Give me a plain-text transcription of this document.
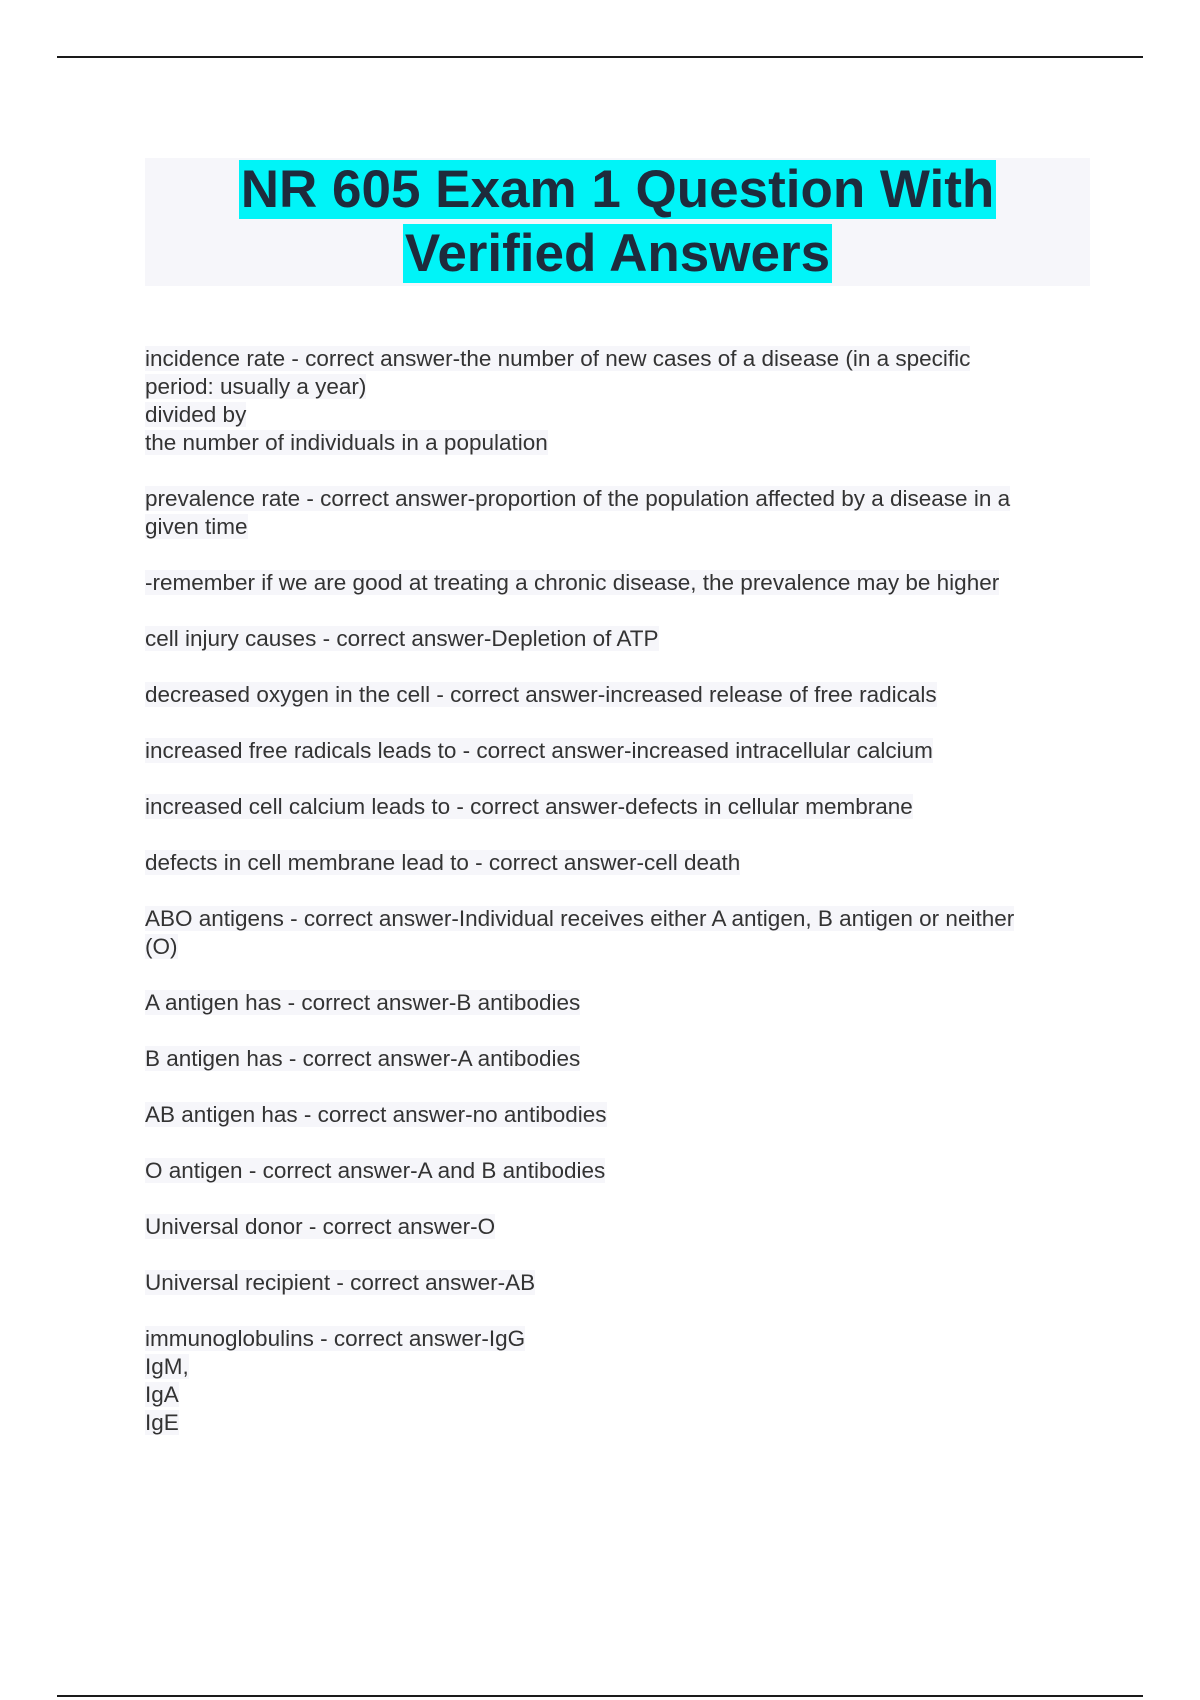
NR 605 Exam 1 Question With
Verified Answers

incidence rate - correct answer-the number of new cases of a disease (in a specific
period: usually a year)
divided by
the number of individuals in a population

prevalence rate - correct answer-proportion of the population affected by a disease in a
given time

-remember if we are good at treating a chronic disease, the prevalence may be higher

cell injury causes - correct answer-Depletion of ATP

decreased oxygen in the cell - correct answer-increased release of free radicals

increased free radicals leads to - correct answer-increased intracellular calcium

increased cell calcium leads to - correct answer-defects in cellular membrane

defects in cell membrane lead to - correct answer-cell death

ABO antigens - correct answer-Individual receives either A antigen, B antigen or neither
(O)

A antigen has - correct answer-B antibodies

B antigen has - correct answer-A antibodies

AB antigen has - correct answer-no antibodies

O antigen - correct answer-A and B antibodies

Universal donor - correct answer-O

Universal recipient - correct answer-AB

immunoglobulins - correct answer-IgG
IgM,
IgA
IgE
